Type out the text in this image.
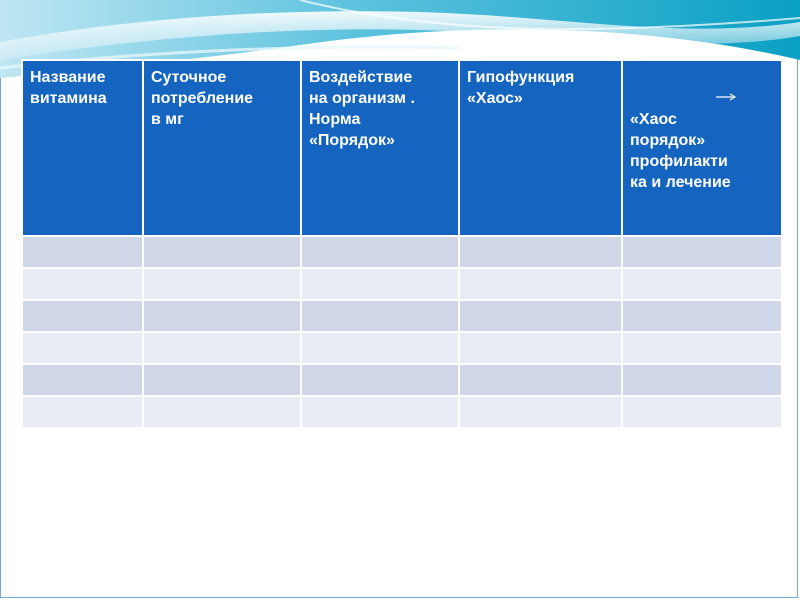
Название
витамина	Суточное
потребление
в мг	Воздействие
на организм .
Норма
«Порядок»	Гипофункция
«Хаос»	«Хаос
порядок»
профилакти
ка и лечение
